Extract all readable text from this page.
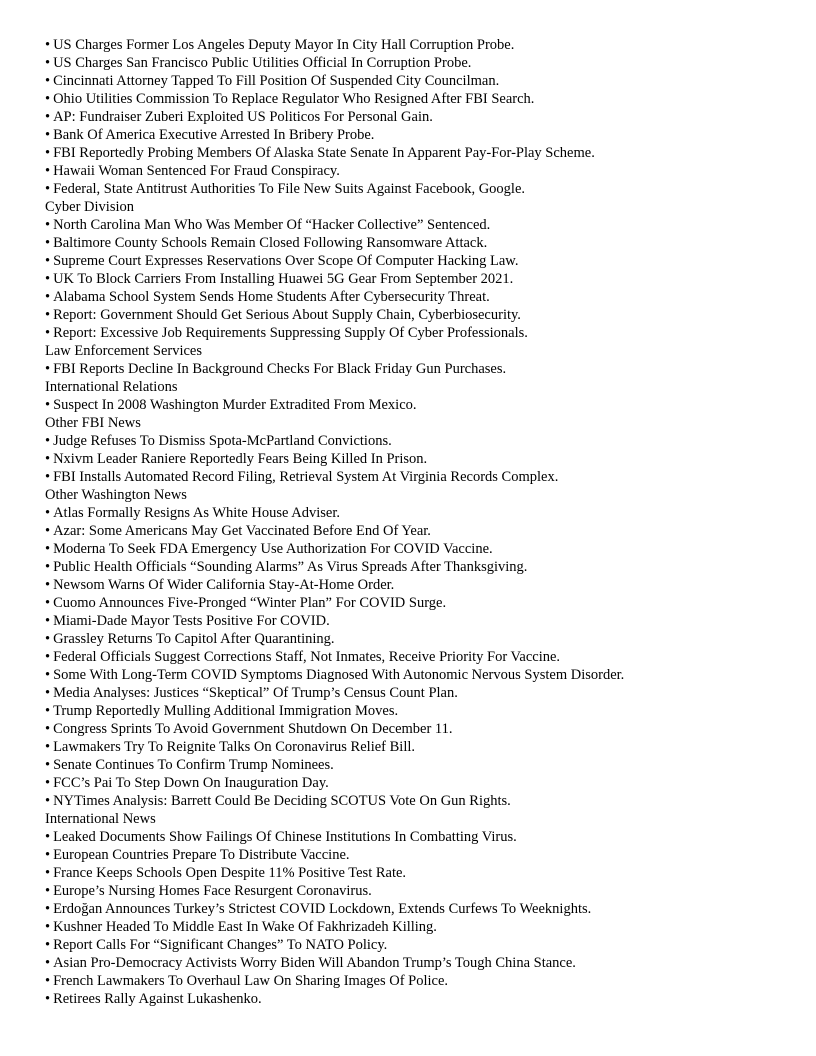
• US Charges Former Los Angeles Deputy Mayor In City Hall Corruption Probe.
• US Charges San Francisco Public Utilities Official In Corruption Probe.
• Cincinnati Attorney Tapped To Fill Position Of Suspended City Councilman.
• Ohio Utilities Commission To Replace Regulator Who Resigned After FBI Search.
• AP: Fundraiser Zuberi Exploited US Politicos For Personal Gain.
• Bank Of America Executive Arrested In Bribery Probe.
• FBI Reportedly Probing Members Of Alaska State Senate In Apparent Pay-For-Play Scheme.
• Hawaii Woman Sentenced For Fraud Conspiracy.
• Federal, State Antitrust Authorities To File New Suits Against Facebook, Google.
Cyber Division
• North Carolina Man Who Was Member Of “Hacker Collective” Sentenced.
• Baltimore County Schools Remain Closed Following Ransomware Attack.
• Supreme Court Expresses Reservations Over Scope Of Computer Hacking Law.
• UK To Block Carriers From Installing Huawei 5G Gear From September 2021.
• Alabama School System Sends Home Students After Cybersecurity Threat.
• Report: Government Should Get Serious About Supply Chain, Cyberbiosecurity.
• Report: Excessive Job Requirements Suppressing Supply Of Cyber Professionals.
Law Enforcement Services
• FBI Reports Decline In Background Checks For Black Friday Gun Purchases.
International Relations
• Suspect In 2008 Washington Murder Extradited From Mexico.
Other FBI News
• Judge Refuses To Dismiss Spota-McPartland Convictions.
• Nxivm Leader Raniere Reportedly Fears Being Killed In Prison.
• FBI Installs Automated Record Filing, Retrieval System At Virginia Records Complex.
Other Washington News
• Atlas Formally Resigns As White House Adviser.
• Azar: Some Americans May Get Vaccinated Before End Of Year.
• Moderna To Seek FDA Emergency Use Authorization For COVID Vaccine.
• Public Health Officials “Sounding Alarms” As Virus Spreads After Thanksgiving.
• Newsom Warns Of Wider California Stay-At-Home Order.
• Cuomo Announces Five-Pronged “Winter Plan” For COVID Surge.
• Miami-Dade Mayor Tests Positive For COVID.
• Grassley Returns To Capitol After Quarantining.
• Federal Officials Suggest Corrections Staff, Not Inmates, Receive Priority For Vaccine.
• Some With Long-Term COVID Symptoms Diagnosed With Autonomic Nervous System Disorder.
• Media Analyses: Justices “Skeptical” Of Trump’s Census Count Plan.
• Trump Reportedly Mulling Additional Immigration Moves.
• Congress Sprints To Avoid Government Shutdown On December 11.
• Lawmakers Try To Reignite Talks On Coronavirus Relief Bill.
• Senate Continues To Confirm Trump Nominees.
• FCC’s Pai To Step Down On Inauguration Day.
• NYTimes Analysis: Barrett Could Be Deciding SCOTUS Vote On Gun Rights.
International News
• Leaked Documents Show Failings Of Chinese Institutions In Combatting Virus.
• European Countries Prepare To Distribute Vaccine.
• France Keeps Schools Open Despite 11% Positive Test Rate.
• Europe’s Nursing Homes Face Resurgent Coronavirus.
• Erdoğan Announces Turkey’s Strictest COVID Lockdown, Extends Curfews To Weeknights.
• Kushner Headed To Middle East In Wake Of Fakhrizadeh Killing.
• Report Calls For “Significant Changes” To NATO Policy.
• Asian Pro-Democracy Activists Worry Biden Will Abandon Trump’s Tough China Stance.
• French Lawmakers To Overhaul Law On Sharing Images Of Police.
• Retirees Rally Against Lukashenko.
